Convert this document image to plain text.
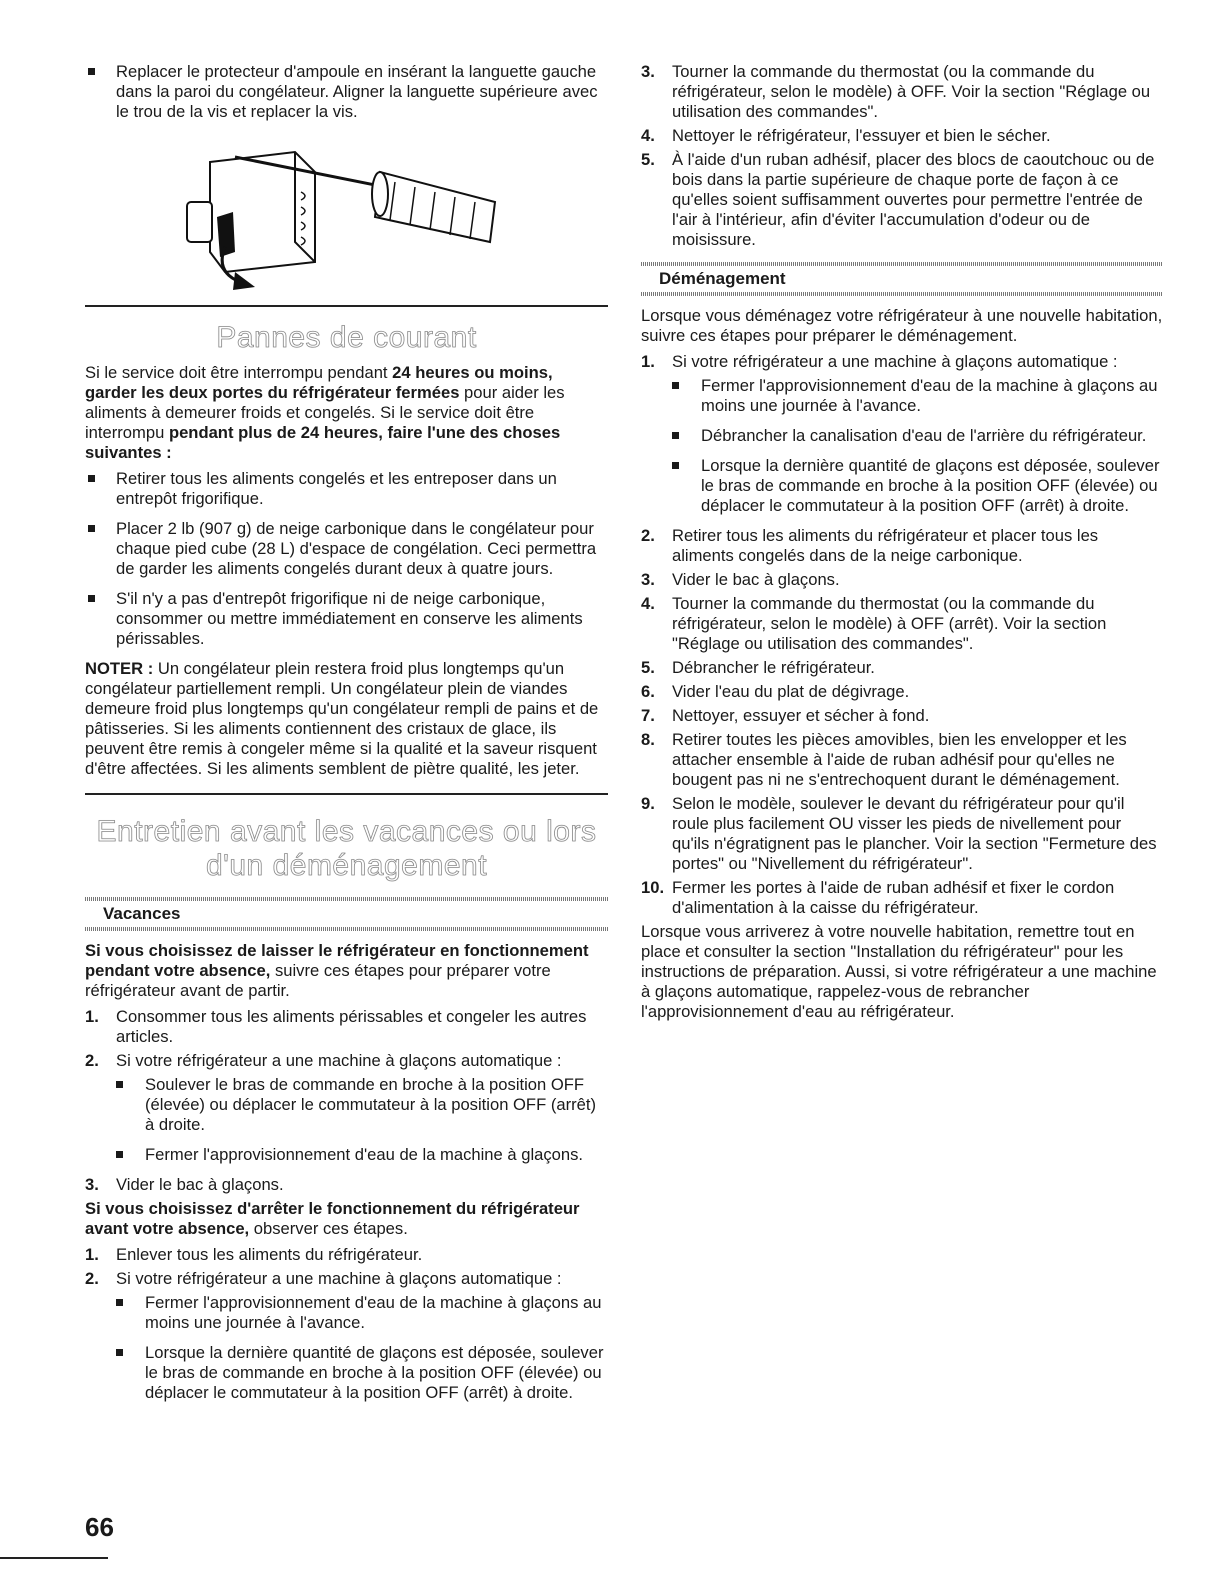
Replacer le protecteur d'ampoule en insérant la languette gauche dans la paroi du congélateur. Aligner la languette supérieure avec le trou de la vis et replacer la vis.
Pannes de courant

Si le service doit être interrompu pendant 24 heures ou moins, garder les deux portes du réfrigérateur fermées pour aider les aliments à demeurer froids et congelés. Si le service doit être interrompu pendant plus de 24 heures, faire l'une des choses suivantes :

Retirer tous les aliments congelés et les entreposer dans un entrepôt frigorifique.
Placer 2 lb (907 g) de neige carbonique dans le congélateur pour chaque pied cube (28 L) d'espace de congélation. Ceci permettra de garder les aliments congelés durant deux à quatre jours.
S'il n'y a pas d'entrepôt frigorifique ni de neige carbonique, consommer ou mettre immédiatement en conserve les aliments périssables.

NOTER : Un congélateur plein restera froid plus longtemps qu'un congélateur partiellement rempli. Un congélateur plein de viandes demeure froid plus longtemps qu'un congélateur rempli de pains et de pâtisseries. Si les aliments contiennent des cristaux de glace, ils peuvent être remis à congeler même si la qualité et la saveur risquent d'être affectées. Si les aliments semblent de piètre qualité, les jeter.

Entretien avant les vacances ou lors
d'un déménagement
Vacances

Si vous choisissez de laisser le réfrigérateur en fonctionnement pendant votre absence, suivre ces étapes pour préparer votre réfrigérateur avant de partir.

1. Consommer tous les aliments périssables et congeler les autres articles.
2. Si votre réfrigérateur a une machine à glaçons automatique :
Soulever le bras de commande en broche à la position OFF (élevée) ou déplacer le commutateur à la position OFF (arrêt) à droite.
Fermer l'approvisionnement d'eau de la machine à glaçons.
3. Vider le bac à glaçons.

Si vous choisissez d'arrêter le fonctionnement du réfrigérateur avant votre absence, observer ces étapes.

1. Enlever tous les aliments du réfrigérateur.
2. Si votre réfrigérateur a une machine à glaçons automatique :
Fermer l'approvisionnement d'eau de la machine à glaçons au moins une journée à l'avance.
Lorsque la dernière quantité de glaçons est déposée, soulever le bras de commande en broche à la position OFF (élevée) ou déplacer le commutateur à la position OFF (arrêt) à droite.
3. Tourner la commande du thermostat (ou la commande du réfrigérateur, selon le modèle) à OFF. Voir la section "Réglage ou utilisation des commandes".
4. Nettoyer le réfrigérateur, l'essuyer et bien le sécher.
5. À l'aide d'un ruban adhésif, placer des blocs de caoutchouc ou de bois dans la partie supérieure de chaque porte de façon à ce qu'elles soient suffisamment ouvertes pour permettre l'entrée de l'air à l'intérieur, afin d'éviter l'accumulation d'odeur ou de moisissure.
Déménagement

Lorsque vous déménagez votre réfrigérateur à une nouvelle habitation, suivre ces étapes pour préparer le déménagement.

1. Si votre réfrigérateur a une machine à glaçons automatique :
Fermer l'approvisionnement d'eau de la machine à glaçons au moins une journée à l'avance.
Débrancher la canalisation d'eau de l'arrière du réfrigérateur.
Lorsque la dernière quantité de glaçons est déposée, soulever le bras de commande en broche à la position OFF (élevée) ou déplacer le commutateur à la position OFF (arrêt) à droite.
2. Retirer tous les aliments du réfrigérateur et placer tous les aliments congelés dans de la neige carbonique.
3. Vider le bac à glaçons.
4. Tourner la commande du thermostat (ou la commande du réfrigérateur, selon le modèle) à OFF (arrêt). Voir la section "Réglage ou utilisation des commandes".
5. Débrancher le réfrigérateur.
6. Vider l'eau du plat de dégivrage.
7. Nettoyer, essuyer et sécher à fond.
8. Retirer toutes les pièces amovibles, bien les envelopper et les attacher ensemble à l'aide de ruban adhésif pour qu'elles ne bougent pas ni ne s'entrechoquent durant le déménagement.
9. Selon le modèle, soulever le devant du réfrigérateur pour qu'il roule plus facilement OU visser les pieds de nivellement pour qu'ils n'égratignent pas le plancher. Voir la section "Fermeture des portes" ou "Nivellement du réfrigérateur".
10. Fermer les portes à l'aide de ruban adhésif et fixer le cordon d'alimentation à la caisse du réfrigérateur.

Lorsque vous arriverez à votre nouvelle habitation, remettre tout en place et consulter la section "Installation du réfrigérateur" pour les instructions de préparation. Aussi, si votre réfrigérateur a une machine à glaçons automatique, rappelez-vous de rebrancher l'approvisionnement d'eau au réfrigérateur.

66
